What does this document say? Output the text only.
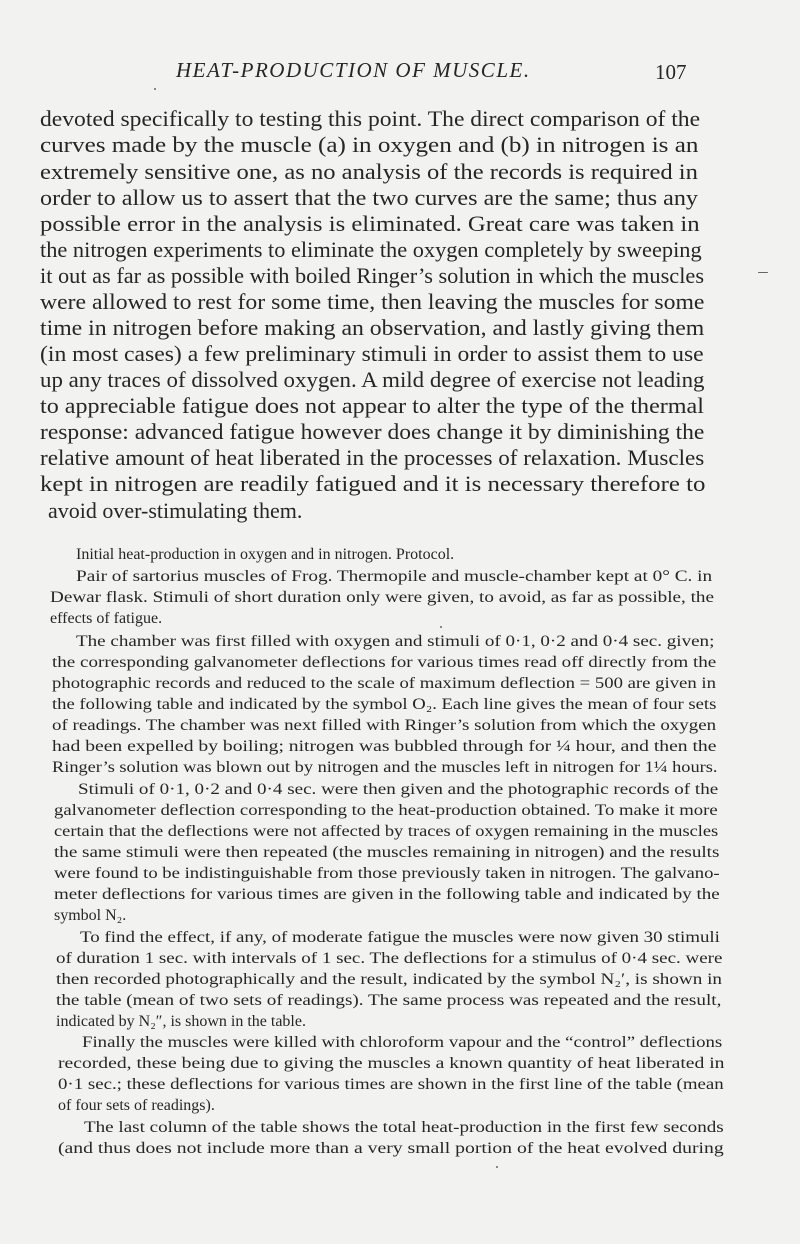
HEAT-PRODUCTION OF MUSCLE.	107

devoted specifically to testing this point. The direct comparison of the

curves made by the muscle (a) in oxygen and (b) in nitrogen is an

extremely sensitive one, as no analysis of the records is required in

order to allow us to assert that the two curves are the same; thus any

possible error in the analysis is eliminated. Great care was taken in

the nitrogen experiments to eliminate the oxygen completely by sweeping

it out as far as possible with boiled Ringer’s solution in which the muscles

were allowed to rest for some time, then leaving the muscles for some

time in nitrogen before making an observation, and lastly giving them

(in most cases) a few preliminary stimuli in order to assist them to use

up any traces of dissolved oxygen. A mild degree of exercise not leading

to appreciable fatigue does not appear to alter the type of the thermal

response: advanced fatigue however does change it by diminishing the

relative amount of heat liberated in the processes of relaxation. Muscles

kept in nitrogen are readily fatigued and it is necessary therefore to

avoid over-stimulating them.

Initial heat-production in oxygen and in nitrogen. Protocol.

Pair of sartorius muscles of Frog. Thermopile and muscle-chamber kept at 0° C. in

Dewar flask. Stimuli of short duration only were given, to avoid, as far as possible, the

effects of fatigue.

The chamber was first filled with oxygen and stimuli of 0·1, 0·2 and 0·4 sec. given;

the corresponding galvanometer deflections for various times read off directly from the

photographic records and reduced to the scale of maximum deflection = 500 are given in

the following table and indicated by the symbol O₂. Each line gives the mean of four sets

of readings. The chamber was next filled with Ringer’s solution from which the oxygen

had been expelled by boiling; nitrogen was bubbled through for ¼ hour, and then the

Ringer’s solution was blown out by nitrogen and the muscles left in nitrogen for 1¼ hours.

Stimuli of 0·1, 0·2 and 0·4 sec. were then given and the photographic records of the

galvanometer deflection corresponding to the heat-production obtained. To make it more

certain that the deflections were not affected by traces of oxygen remaining in the muscles

the same stimuli were then repeated (the muscles remaining in nitrogen) and the results

were found to be indistinguishable from those previously taken in nitrogen. The galvano-

meter deflections for various times are given in the following table and indicated by the

symbol N₂.

To find the effect, if any, of moderate fatigue the muscles were now given 30 stimuli

of duration 1 sec. with intervals of 1 sec. The deflections for a stimulus of 0·4 sec. were

then recorded photographically and the result, indicated by the symbol N₂′, is shown in

the table (mean of two sets of readings). The same process was repeated and the result,

indicated by N₂″, is shown in the table.

Finally the muscles were killed with chloroform vapour and the “control” deflections

recorded, these being due to giving the muscles a known quantity of heat liberated in

0·1 sec.; these deflections for various times are shown in the first line of the table (mean

of four sets of readings).

The last column of the table shows the total heat-production in the first few seconds

(and thus does not include more than a very small portion of the heat evolved during
